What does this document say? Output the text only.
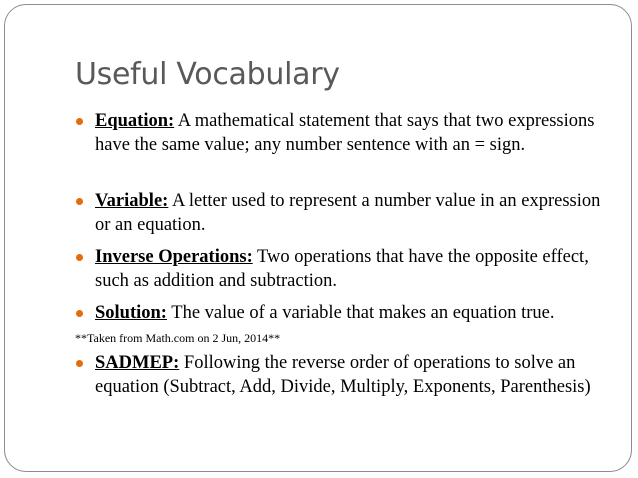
Useful Vocabulary
Equation: A mathematical statement that says that two expressions have the same value; any number sentence with an = sign.
Variable: A letter used to represent a number value in an expression or an equation.
Inverse Operations: Two operations that have the opposite effect, such as addition and subtraction.
Solution: The value of a variable that makes an equation true.
**Taken from Math.com on 2 Jun, 2014**
SADMEP: Following the reverse order of operations to solve an equation (Subtract, Add, Divide, Multiply, Exponents, Parenthesis)
